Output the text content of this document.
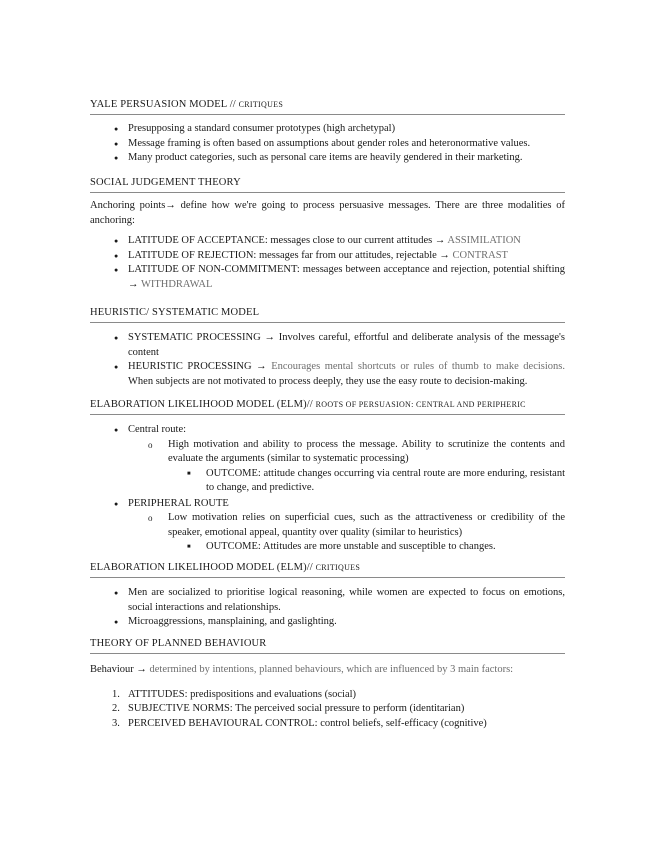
YALE PERSUASION MODEL // CRITIQUES
● Presupposing a standard consumer prototypes (high archetypal)
● Message framing is often based on assumptions about gender roles and heteronormative values.
● Many product categories, such as personal care items are heavily gendered in their marketing.
SOCIAL JUDGEMENT THEORY

Anchoring points→ define how we're going to process persuasive messages. There are three modalities of anchoring:

● LATITUDE OF ACCEPTANCE: messages close to our current attitudes → ASSIMILATION
● LATITUDE OF REJECTION: messages far from our attitudes, rejectable → CONTRAST
● LATITUDE OF NON-COMMITMENT: messages between acceptance and rejection, potential shifting → WITHDRAWAL
HEURISTIC/ SYSTEMATIC MODEL
● SYSTEMATIC PROCESSING → Involves careful, effortful and deliberate analysis of the message's content
● HEURISTIC PROCESSING → Encourages mental shortcuts or rules of thumb to make decisions. When subjects are not motivated to process deeply, they use the easy route to decision-making.
ELABORATION LIKELIHOOD MODEL (ELM)// ROOTS OF PERSUASION: CENTRAL AND PERIPHERIC
● Central route:
o High motivation and ability to process the message. Ability to scrutinize the contents and evaluate the arguments (similar to systematic processing)
■ OUTCOME: attitude changes occurring via central route are more enduring, resistant to change, and predictive.
● PERIPHERAL ROUTE
o Low motivation relies on superficial cues, such as the attractiveness or credibility of the speaker, emotional appeal, quantity over quality (similar to heuristics)
■ OUTCOME: Attitudes are more unstable and susceptible to changes.
ELABORATION LIKELIHOOD MODEL (ELM)// CRITIQUES
● Men are socialized to prioritise logical reasoning, while women are expected to focus on emotions, social interactions and relationships.
● Microaggressions, mansplaining, and gaslighting.
THEORY OF PLANNED BEHAVIOUR

Behaviour → determined by intentions, planned behaviours, which are influenced by 3 main factors:

1. ATTITUDES: predispositions and evaluations (social)
2. SUBJECTIVE NORMS: The perceived social pressure to perform (identitarian)
3. PERCEIVED BEHAVIOURAL CONTROL: control beliefs, self-efficacy (cognitive)
